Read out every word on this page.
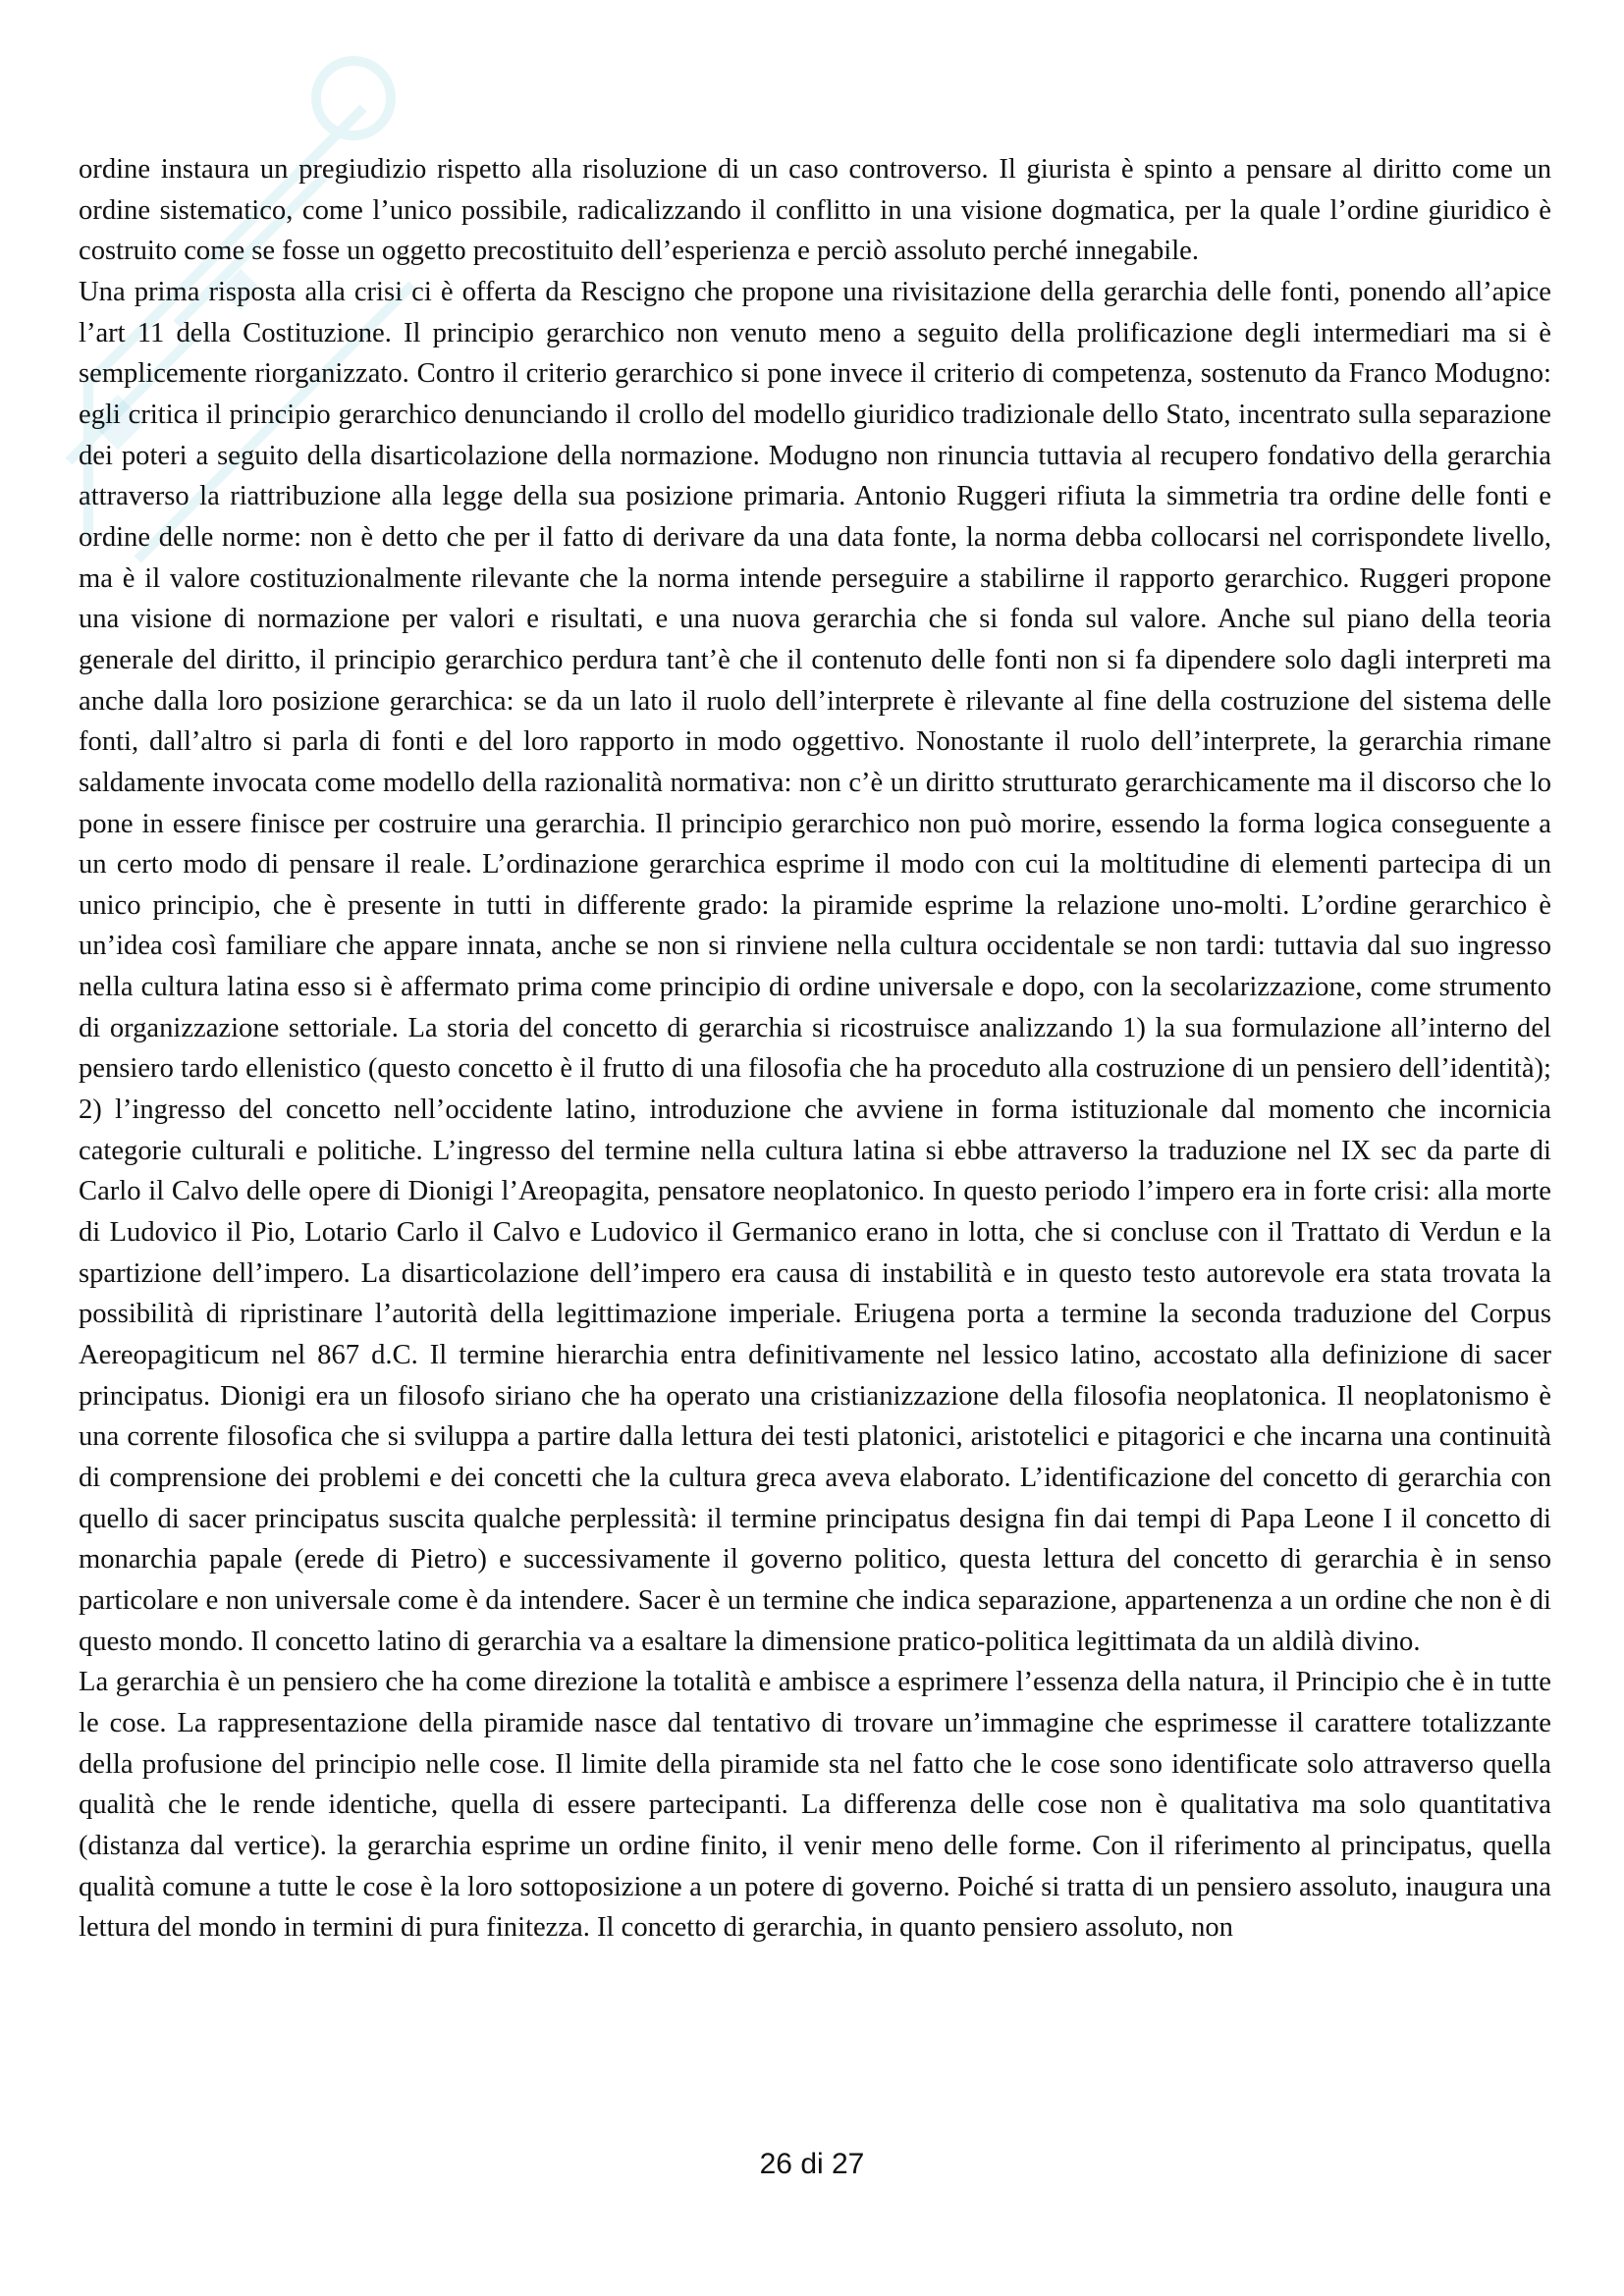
ordine instaura un pregiudizio rispetto alla risoluzione di un caso controverso. Il giurista è spinto a pensare al diritto come un ordine sistematico, come l’unico possibile, radicalizzando il conflitto in una visione dogmatica, per la quale l’ordine giuridico è costruito come se fosse un oggetto precostituito dell’esperienza e perciò assoluto perché innegabile.

Una prima risposta alla crisi ci è offerta da Rescigno che propone una rivisitazione della gerarchia delle fonti, ponendo all’apice l’art 11 della Costituzione. Il principio gerarchico non venuto meno a seguito della prolificazione degli intermediari ma si è semplicemente riorganizzato. Contro il criterio gerarchico si pone invece il criterio di competenza, sostenuto da Franco Modugno: egli critica il principio gerarchico denunciando il crollo del modello giuridico tradizionale dello Stato, incentrato sulla separazione dei poteri a seguito della disarticolazione della normazione. Modugno non rinuncia tuttavia al recupero fondativo della gerarchia attraverso la riattribuzione alla legge della sua posizione primaria. Antonio Ruggeri rifiuta la simmetria tra ordine delle fonti e ordine delle norme: non è detto che per il fatto di derivare da una data fonte, la norma debba collocarsi nel corrispondete livello, ma è il valore costituzionalmente rilevante che la norma intende perseguire a stabilirne il rapporto gerarchico. Ruggeri propone una visione di normazione per valori e risultati, e una nuova gerarchia che si fonda sul valore. Anche sul piano della teoria generale del diritto, il principio gerarchico perdura tant’è che il contenuto delle fonti non si fa dipendere solo dagli interpreti ma anche dalla loro posizione gerarchica: se da un lato il ruolo dell’interprete è rilevante al fine della costruzione del sistema delle fonti, dall’altro si parla di fonti e del loro rapporto in modo oggettivo. Nonostante il ruolo dell’interprete, la gerarchia rimane saldamente invocata come modello della razionalità normativa: non c’è un diritto strutturato gerarchicamente ma il discorso che lo pone in essere finisce per costruire una gerarchia. Il principio gerarchico non può morire, essendo la forma logica conseguente a un certo modo di pensare il reale. L’ordinazione gerarchica esprime il modo con cui la moltitudine di elementi partecipa di un unico principio, che è presente in tutti in differente grado: la piramide esprime la relazione uno-molti. L’ordine gerarchico è un’idea così familiare che appare innata, anche se non si rinviene nella cultura occidentale se non tardi: tuttavia dal suo ingresso nella cultura latina esso si è affermato prima come principio di ordine universale e dopo, con la secolarizzazione, come strumento di organizzazione settoriale. La storia del concetto di gerarchia si ricostruisce analizzando 1) la sua formulazione all’interno del pensiero tardo ellenistico (questo concetto è il frutto di una filosofia che ha proceduto alla costruzione di un pensiero dell’identità); 2) l’ingresso del concetto nell’occidente latino, introduzione che avviene in forma istituzionale dal momento che incornicia categorie culturali e politiche. L’ingresso del termine nella cultura latina si ebbe attraverso la traduzione nel IX sec da parte di Carlo il Calvo delle opere di Dionigi l’Areopagita, pensatore neoplatonico. In questo periodo l’impero era in forte crisi: alla morte di Ludovico il Pio, Lotario Carlo il Calvo e Ludovico il Germanico erano in lotta, che si concluse con il Trattato di Verdun e la spartizione dell’impero. La disarticolazione dell’impero era causa di instabilità e in questo testo autorevole era stata trovata la possibilità di ripristinare l’autorità della legittimazione imperiale. Eriugena porta a termine la seconda traduzione del Corpus Aereopagiticum nel 867 d.C. Il termine hierarchia entra definitivamente nel lessico latino, accostato alla definizione di sacer principatus. Dionigi era un filosofo siriano che ha operato una cristianizzazione della filosofia neoplatonica. Il neoplatonismo è una corrente filosofica che si sviluppa a partire dalla lettura dei testi platonici, aristotelici e pitagorici e che incarna una continuità di comprensione dei problemi e dei concetti che la cultura greca aveva elaborato. L’identificazione del concetto di gerarchia con quello di sacer principatus suscita qualche perplessità: il termine principatus designa fin dai tempi di Papa Leone I il concetto di monarchia papale (erede di Pietro) e successivamente il governo politico, questa lettura del concetto di gerarchia è in senso particolare e non universale come è da intendere. Sacer è un termine che indica separazione, appartenenza a un ordine che non è di questo mondo. Il concetto latino di gerarchia va a esaltare la dimensione pratico-politica legittimata da un aldilà divino.

La gerarchia è un pensiero che ha come direzione la totalità e ambisce a esprimere l’essenza della natura, il Principio che è in tutte le cose. La rappresentazione della piramide nasce dal tentativo di trovare un’immagine che esprimesse il carattere totalizzante della profusione del principio nelle cose. Il limite della piramide sta nel fatto che le cose sono identificate solo attraverso quella qualità che le rende identiche, quella di essere partecipanti. La differenza delle cose non è qualitativa ma solo quantitativa (distanza dal vertice). la gerarchia esprime un ordine finito, il venir meno delle forme. Con il riferimento al principatus, quella qualità comune a tutte le cose è la loro sottoposizione a un potere di governo. Poiché si tratta di un pensiero assoluto, inaugura una lettura del mondo in termini di pura finitezza. Il concetto di gerarchia, in quanto pensiero assoluto, non

26 di 27
